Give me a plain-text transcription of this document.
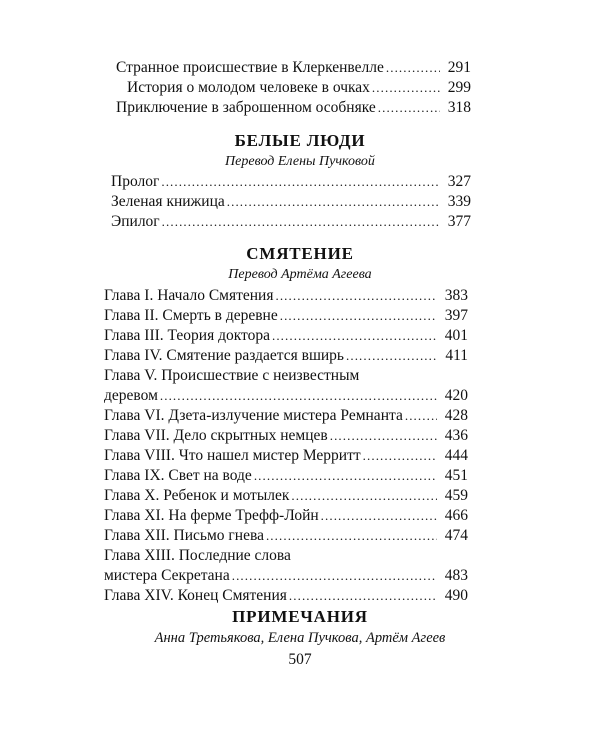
Странное происшествие в Клеркенвелле .....	291
История о молодом человеке в очках .....	299
Приключение в заброшенном особняке .....	318
БЕЛЫЕ ЛЮДИ
Перевод Елены Пучковой
Пролог .....	327
Зеленая книжица .....	339
Эпилог .....	377
СМЯТЕНИЕ
Перевод Артёма Агеева
Глава I. Начало Смятения .....	383
Глава II. Смерть в деревне .....	397
Глава III. Теория доктора .....	401
Глава IV. Смятение раздается вширь .....	411
Глава V. Происшествие с неизвестным
деревом .....	420
Глава VI. Дзета-излучение мистера Ремнанта .....	428
Глава VII. Дело скрытных немцев .....	436
Глава VIII. Что нашел мистер Мерритт .....	444
Глава IX. Свет на воде .....	451
Глава X. Ребенок и мотылек .....	459
Глава XI. На ферме Трефф-Лойн .....	466
Глава XII. Письмо гнева .....	474
Глава XIII. Последние слова
мистера Секретана .....	483
Глава XIV. Конец Смятения .....	490
ПРИМЕЧАНИЯ
Анна Третьякова, Елена Пучкова, Артём Агеев
507
